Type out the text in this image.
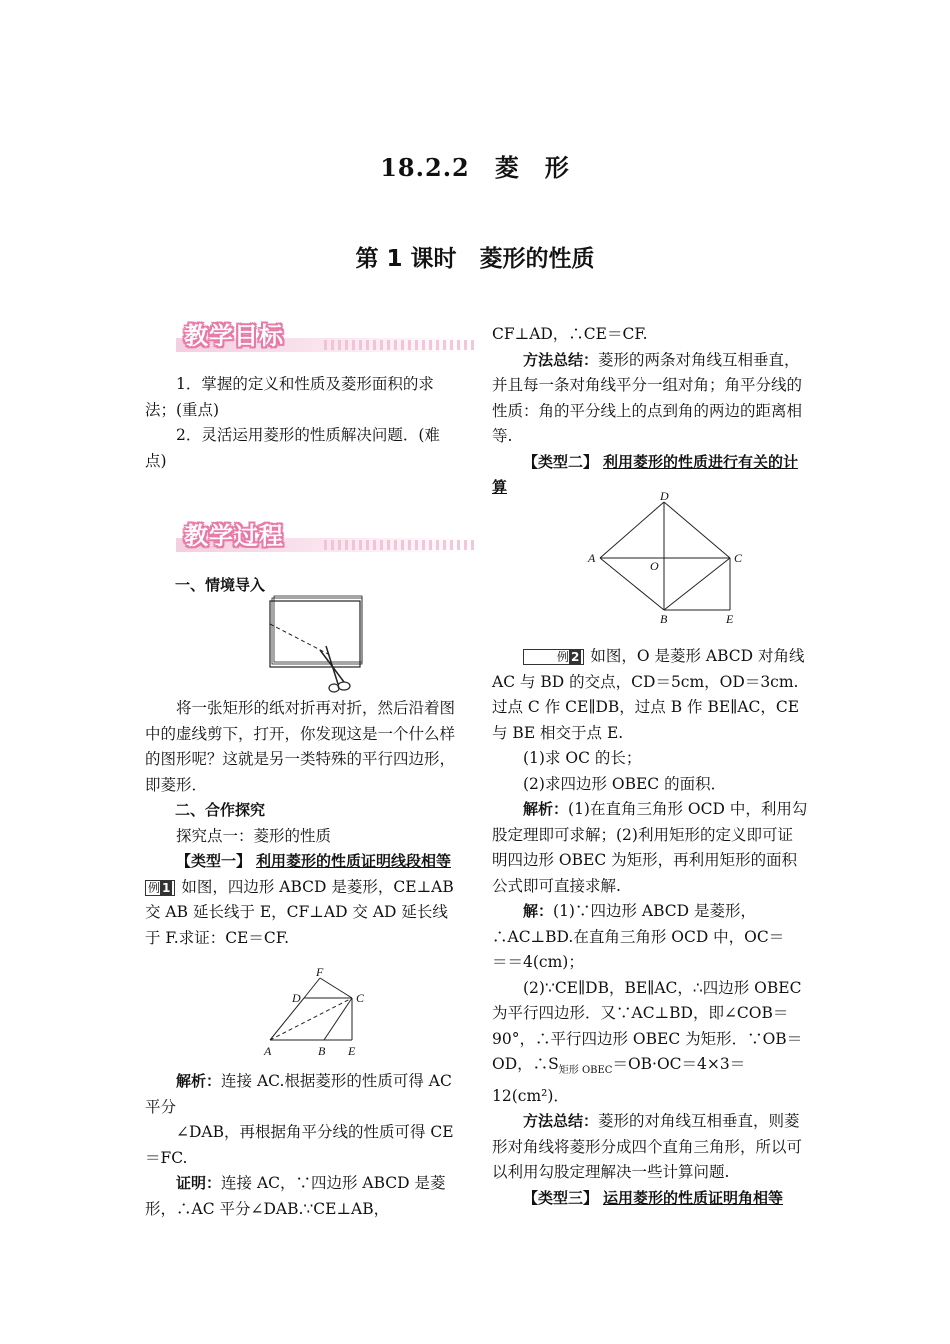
18.2.2　菱　形
第 1 课时　菱形的性质
教学目标

1．掌握的定义和性质及菱形面积的求法；(重点)

2．灵活运用菱形的性质解决问题．(难点)

教学过程

一、情境导入

将一张矩形的纸对折再对折，然后沿着图中的虚线剪下，打开，你发现这是一个什么样的图形呢？这就是另一类特殊的平行四边形，即菱形．

二、合作探究

探究点一：菱形的性质

【类型一】 利用菱形的性质证明线段相等

例 1 如图，四边形 ABCD 是菱形，CE⊥AB 交 AB 延长线于 E，CF⊥AD 交 AD 延长线于 F.求证：CE＝CF.

F
D	C
A	B E

解析：连接 AC.根据菱形的性质可得 AC 平分

∠DAB，再根据角平分线的性质可得 CE＝FC.

证明：连接 AC，∵四边形 ABCD 是菱形，∴AC 平分∠DAB.∵CE⊥AB，

CF⊥AD，∴CE＝CF.

方法总结：菱形的两条对角线互相垂直，并且每一条对角线平分一组对角；角平分线的性质：角的平分线上的点到角的两边的距离相等.

【类型二】 利用菱形的性质进行有关的计算	D
A
O
C
B	E

例 2 如图，O 是菱形 ABCD 对角线 AC 与 BD 的交点，CD＝5cm，OD＝3cm.过点 C 作 CE∥DB，过点 B 作 BE∥AC，CE 与 BE 相交于点 E.

(1)求 OC 的长；

(2)求四边形 OBEC 的面积．

解析：(1)在直角三角形 OCD 中，利用勾股定理即可求解；(2)利用矩形的定义即可证明四边形 OBEC 为矩形，再利用矩形的面积公式即可直接求解.

解：(1)∵四边形 ABCD 是菱形，∴AC⊥BD.在直角三角形 OCD 中，OC＝

＝＝4(cm)；

(2)∵CE∥DB，BE∥AC，∴四边形 OBEC 为平行四边形．又∵AC⊥BD，即∠COB＝90°，∴平行四边形 OBEC 为矩形．∵OB＝OD，$\therefore S_{矩形 OBEC}=OB\cdot OC=4\times 3=12(cm^2)$．

方法总结：菱形的对角线互相垂直，则菱形对角线将菱形分成四个直角三角形，所以可以利用勾股定理解决一些计算问题.

【类型三】 运用菱形的性质证明角相等
